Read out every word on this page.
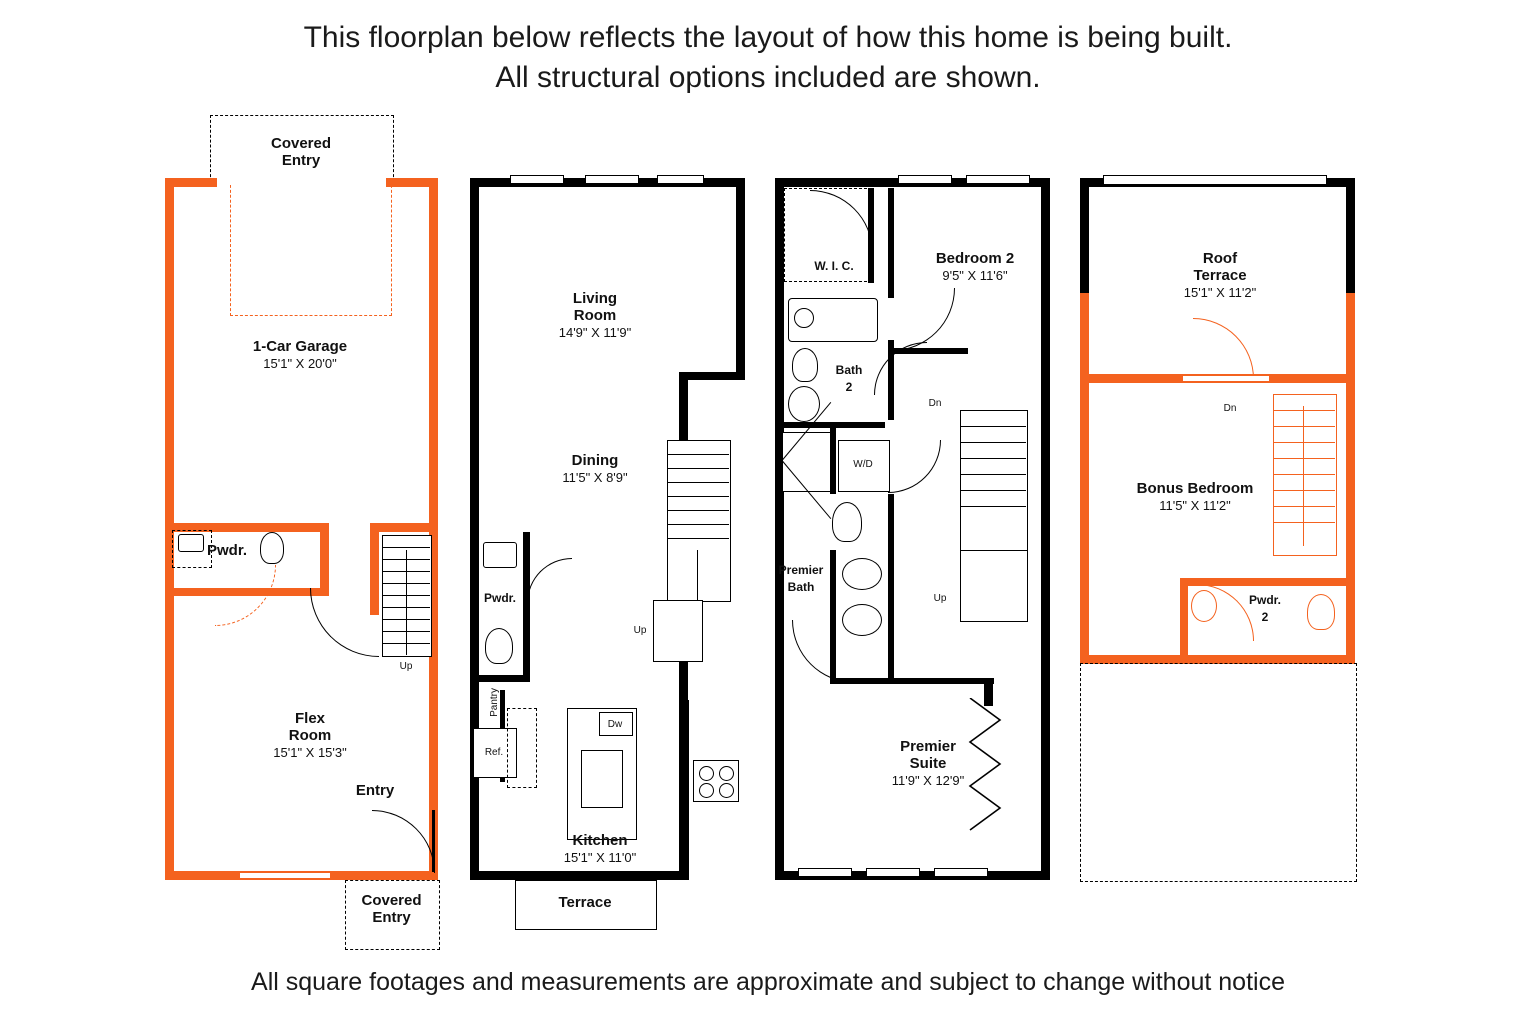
This floorplan below reflects the layout of how this home is being built.
All structural options included are shown.
Covered
Entry
Pwdr.
Up
Flex
Room
15'1" X 15'3"
1-Car Garage
15'1" X 20'0"
Entry
Covered
Entry
Living
Room
14'9" X 11'9"
Dining
11'5" X 8'9"
Up
Pwdr.
Pantry
Ref.
Dw
Kitchen
15'1" X 11'0"
Terrace
W. I. C.	Bedroom 2
9'5" X 11'6"
Bath
2
Dn
Up
W/D
Premier
Bath
Premier
Suite
11'9" X 12'9"
Roof
Terrace
15'1" X 11'2"
Bonus Bedroom
11'5" X 11'2"
Dn
Pwdr.
2
All square footages and measurements are approximate and subject to change without notice
